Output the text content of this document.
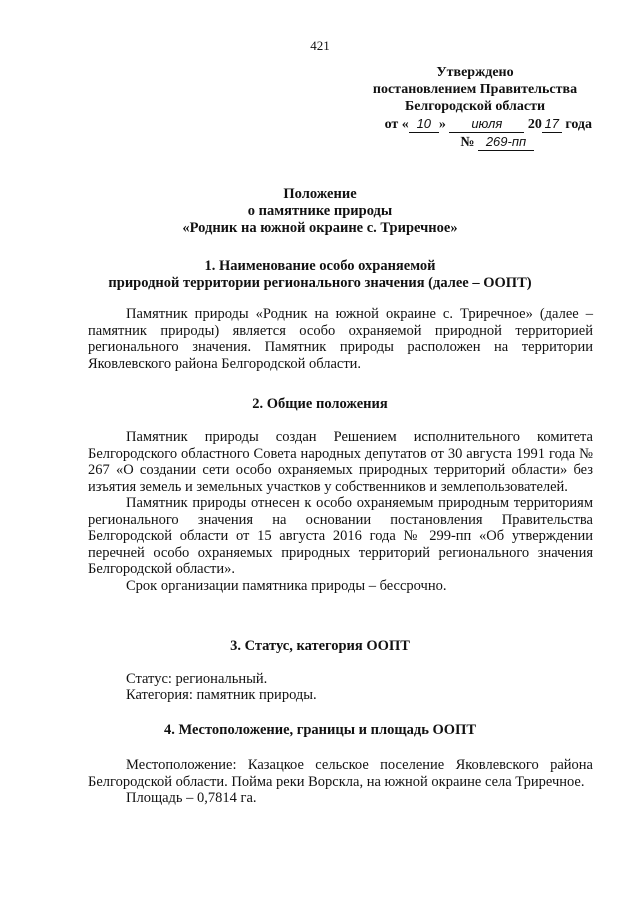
421
Утверждено
постановлением Правительства
Белгородской области
от « 10 » июля 20 17 года
№ 269-пп
Положение
о памятнике природы
«Родник на южной окраине с. Триречное»
1. Наименование особо охраняемой
природной территории регионального значения (далее – ООПТ)
Памятник природы «Родник на южной окраине с. Триречное» (далее – памятник природы) является особо охраняемой природной территорией регионального значения. Памятник природы расположен на территории Яковлевского района Белгородской области.
2. Общие положения
Памятник природы создан Решением исполнительного комитета Белгородского областного Совета народных депутатов от 30 августа 1991 года № 267 «О создании сети особо охраняемых природных территорий области» без изъятия земель и земельных участков у собственников и землепользователей.
Памятник природы отнесен к особо охраняемым природным территориям регионального значения на основании постановления Правительства Белгородской области от 15 августа 2016 года № 299-пп «Об утверждении перечней особо охраняемых природных территорий регионального значения Белгородской области».
Срок организации памятника природы – бессрочно.
3. Статус, категория ООПТ
Статус: региональный.
Категория: памятник природы.
4. Местоположение, границы и площадь ООПТ
Местоположение: Казацкое сельское поселение Яковлевского района Белгородской области. Пойма реки Ворскла, на южной окраине села Триречное.
Площадь – 0,7814 га.
